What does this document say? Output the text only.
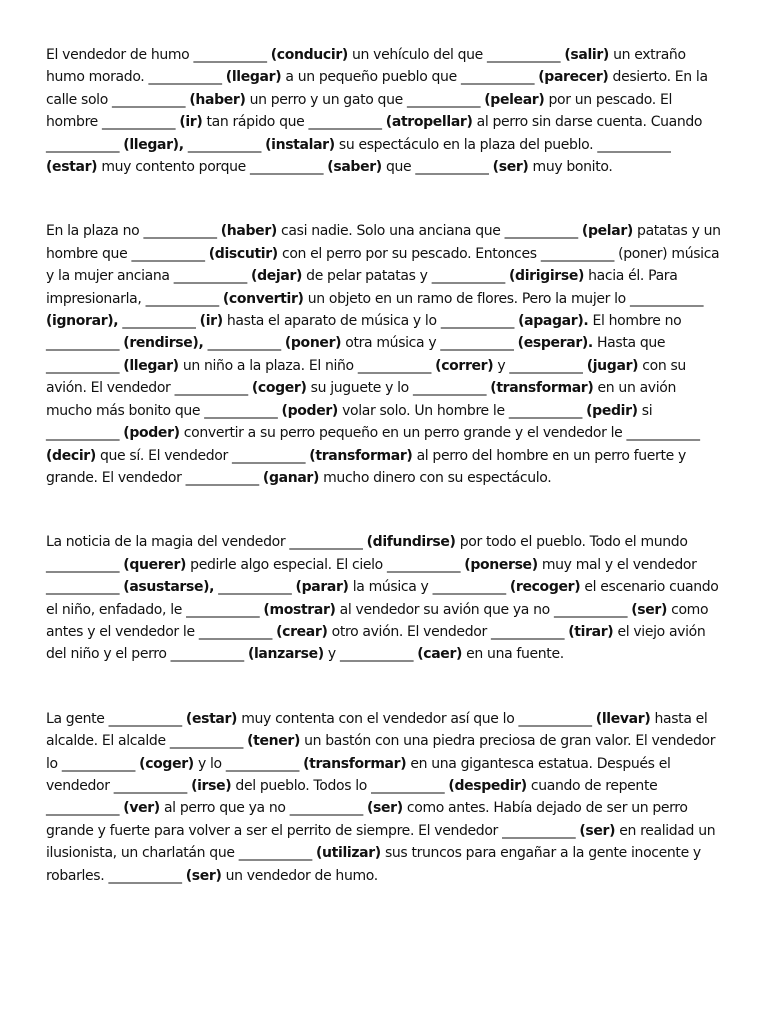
El vendedor de humo ___________ (conducir) un vehículo del que ___________ (salir) un extraño humo morado. ___________ (llegar) a un pequeño pueblo que ___________ (parecer) desierto. En la calle solo ___________ (haber) un perro y un gato que ___________ (pelear) por un pescado. El hombre ___________ (ir) tan rápido que ___________ (atropellar) al perro sin darse cuenta. Cuando ___________ (llegar), ___________ (instalar) su espectáculo en la plaza del pueblo. ___________ (estar) muy contento porque ___________ (saber) que ___________ (ser) muy bonito.

En la plaza no ___________ (haber) casi nadie. Solo una anciana que ___________ (pelar) patatas y un hombre que ___________ (discutir) con el perro por su pescado. Entonces ___________ (poner) música y la mujer anciana ___________ (dejar) de pelar patatas y ___________ (dirigirse) hacia él. Para impresionarla, ___________ (convertir) un objeto en un ramo de flores. Pero la mujer lo ___________ (ignorar), ___________ (ir) hasta el aparato de música y lo ___________ (apagar). El hombre no ___________ (rendirse), ___________ (poner) otra música y ___________ (esperar). Hasta que ___________ (llegar) un niño a la plaza. El niño ___________ (correr) y ___________ (jugar) con su avión. El vendedor ___________ (coger) su juguete y lo ___________ (transformar) en un avión mucho más bonito que ___________ (poder) volar solo. Un hombre le ___________ (pedir) si ___________ (poder) convertir a su perro pequeño en un perro grande y el vendedor le ___________ (decir) que sí. El vendedor ___________ (transformar) al perro del hombre en un perro fuerte y grande. El vendedor ___________ (ganar) mucho dinero con su espectáculo.

La noticia de la magia del vendedor ___________ (difundirse) por todo el pueblo. Todo el mundo ___________ (querer) pedirle algo especial. El cielo ___________ (ponerse) muy mal y el vendedor ___________ (asustarse), ___________ (parar) la música y ___________ (recoger) el escenario cuando el niño, enfadado, le ___________ (mostrar) al vendedor su avión que ya no ___________ (ser) como antes y el vendedor le ___________ (crear) otro avión. El vendedor ___________ (tirar) el viejo avión del niño y el perro ___________ (lanzarse) y ___________ (caer) en una fuente.

La gente ___________ (estar) muy contenta con el vendedor así que lo ___________ (llevar) hasta el alcalde. El alcalde ___________ (tener) un bastón con una piedra preciosa de gran valor. El vendedor lo ___________ (coger) y lo ___________ (transformar) en una gigantesca estatua. Después el vendedor ___________ (irse) del pueblo. Todos lo ___________ (despedir) cuando de repente ___________ (ver) al perro que ya no ___________ (ser) como antes. Había dejado de ser un perro grande y fuerte para volver a ser el perrito de siempre. El vendedor ___________ (ser) en realidad un ilusionista, un charlatán que ___________ (utilizar) sus truncos para engañar a la gente inocente y robarles. ___________ (ser) un vendedor de humo.
